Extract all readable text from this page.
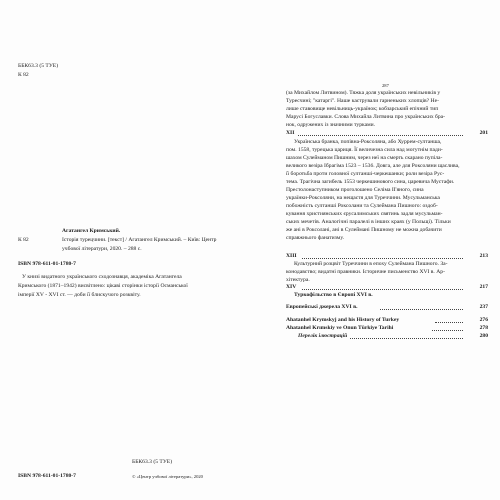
ББК63.3 (5 ТУЕ)
К 82
Агатангел Кримський.
К 82	Історія турецчини. [текст] / Агатангел Кримський. – Київ: Центр
учбової літератури, 2020. – 288 с.
ISBN 978-611-01-1780-7
У книзі видатного українського сходознавця, академіка Агатангела
Кримського (1871–1942) висвітлено: цікаві сторінки історії Османської
імперії XV - XVI ст. — доби її блискучого розквіту.
ББК63.3 (5 ТУЕ)
ISBN 978-611-01-1780-7	© «Центр учбової літератури», 2020
287
(за Михайлом Литвином). Тяжка доля українських невільників у
Турecчині; "катаргі". Наше кастрували гарненьких хлопців? Не-
лише ставовище невільниць-українок; кобзарський епічний тип
Марусі Богуславки. Слова Михайла Литвина про українських бра-
нок, одружених із значними турками.
XII	201
Українська бранка, попівна-Роксоляна, або Хуррем-султанша,
пом. 1558, турецька цариця. Її величезна сила над могутнім пади-
шахом Сулейманом Пишним, через неї на смерть скарано пупіла-
великого везіра Ібрагіма 1523 – 1536. Довга, але для Роксоляни щаслива,
її боротьба проти головної султанші-черкешанки; роли везіра Рус-
тема. Трагічна загибель 1553 черкешинового сина, царевича Мустафи.
Престолонаступником проголошено Селіма II'яного, сина
українки-Роксоляни, на нещастя для Турeччини. Мусульманська
побожність султанші Роксолани та Сулеймана Пишного: оздоб-
кування християнських єрусалимських святинь задля мусульман-
ських мечетів. Аналогічні паралелі в інших краях (у Польщі). Тільки
же ані в Роксолані, ані в Сулеймані Пишному не можна добачити
справжнього фанатизму.
XIII	213
Культурний розцвіт Туреччини в епоху Сулеймана Пишного. За-
конодавство; видатні правники. Історичне письменство XVI в. Ар-
хітектура.
XIV	217
Туркофільство в Європі XVI в.
Европейські джерела XVI в.	237
Ahatanhel Krymskyj and his History of Turkey	276
Ahatanhel Krımskiy ve Onun Türkiye Tarihi	278
Перелік ілюстрацій	280
